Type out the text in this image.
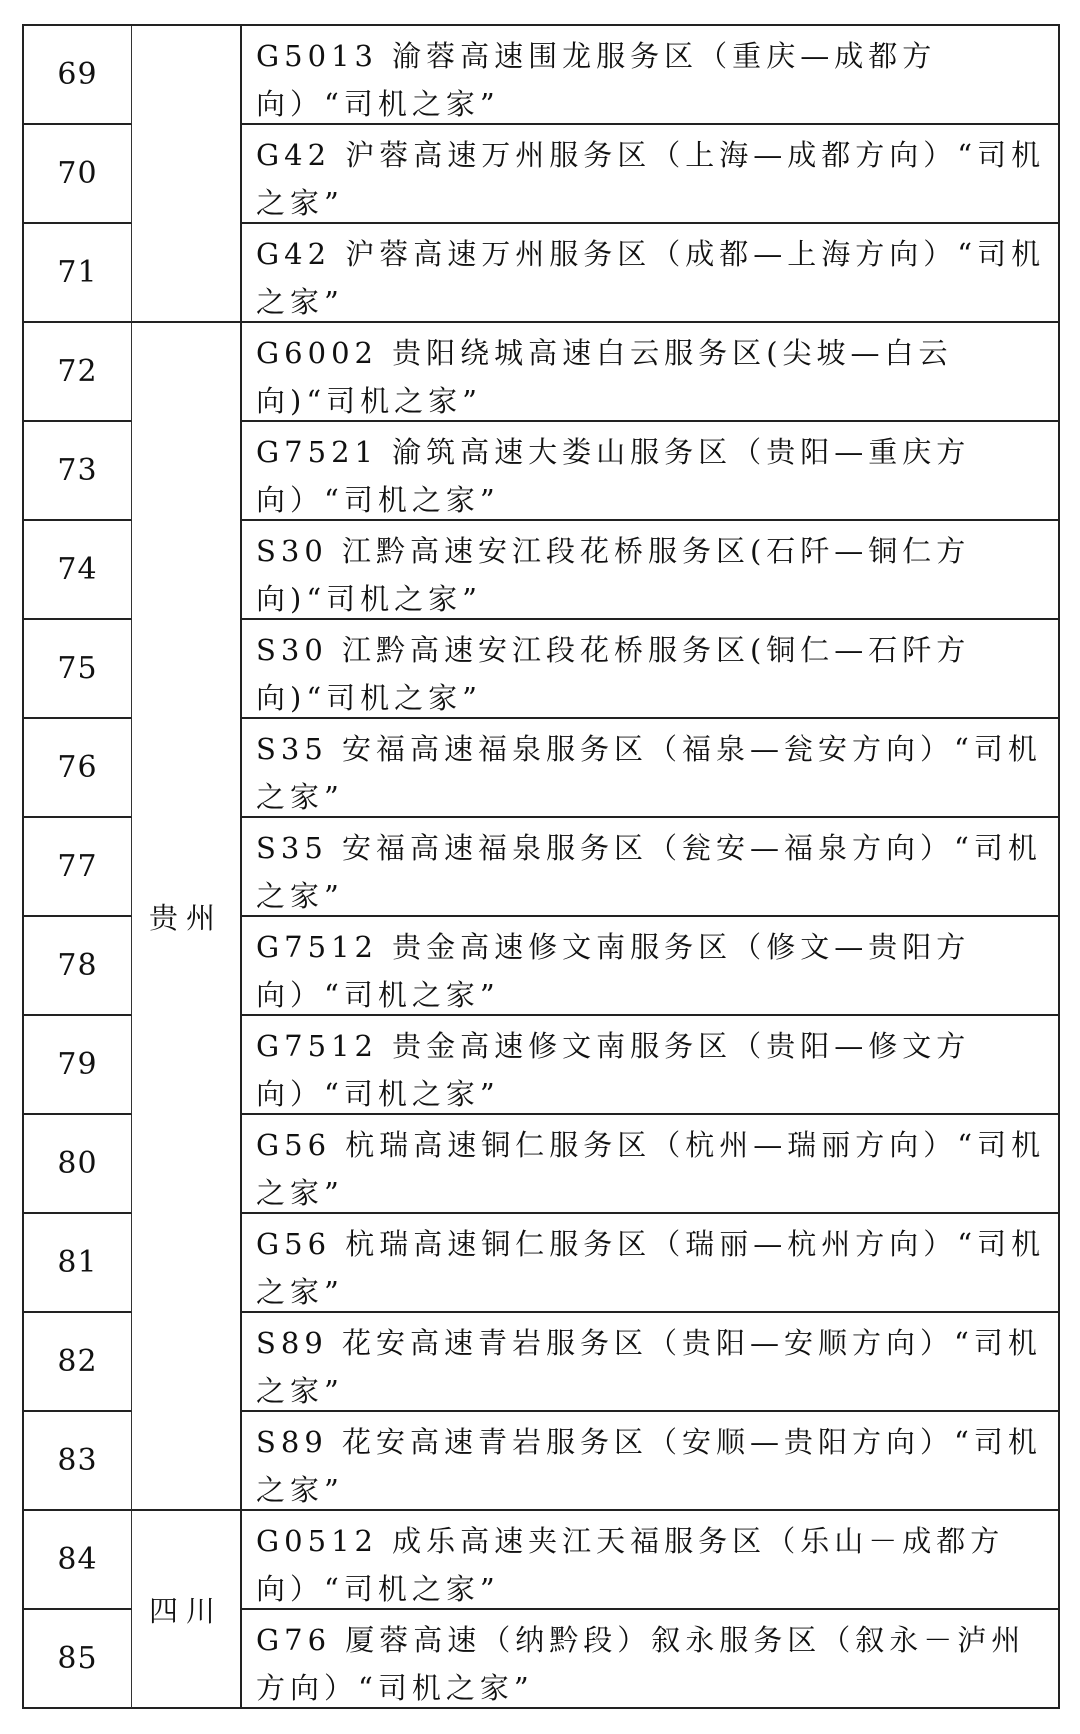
69
G5013 渝蓉高速围龙服务区（重庆—成都方向）“司机之家”
70
G42 沪蓉高速万州服务区（上海—成都方向）“司机之家”
71
G42 沪蓉高速万州服务区（成都—上海方向）“司机之家”
72
G6002 贵阳绕城高速白云服务区(尖坡—白云向)“司机之家”
73
G7521 渝筑高速大娄山服务区（贵阳—重庆方向）“司机之家”
74
S30 江黔高速安江段花桥服务区(石阡—铜仁方向)“司机之家”
75
S30 江黔高速安江段花桥服务区(铜仁—石阡方向)“司机之家”
76
S35 安福高速福泉服务区（福泉—瓮安方向）“司机之家”
77
S35 安福高速福泉服务区（瓮安—福泉方向）“司机之家”
78
G7512 贵金高速修文南服务区（修文—贵阳方向）“司机之家”
79
G7512 贵金高速修文南服务区（贵阳—修文方向）“司机之家”
80
G56 杭瑞高速铜仁服务区（杭州—瑞丽方向）“司机之家”
81
G56 杭瑞高速铜仁服务区（瑞丽—杭州方向）“司机之家”
82
S89 花安高速青岩服务区（贵阳—安顺方向）“司机之家”
83
S89 花安高速青岩服务区（安顺—贵阳方向）“司机之家”
84
G0512 成乐高速夹江天福服务区（乐山－成都方向）“司机之家”
85
G76 厦蓉高速（纳黔段）叙永服务区（叙永－泸州方向）“司机之家”
贵州
四川
